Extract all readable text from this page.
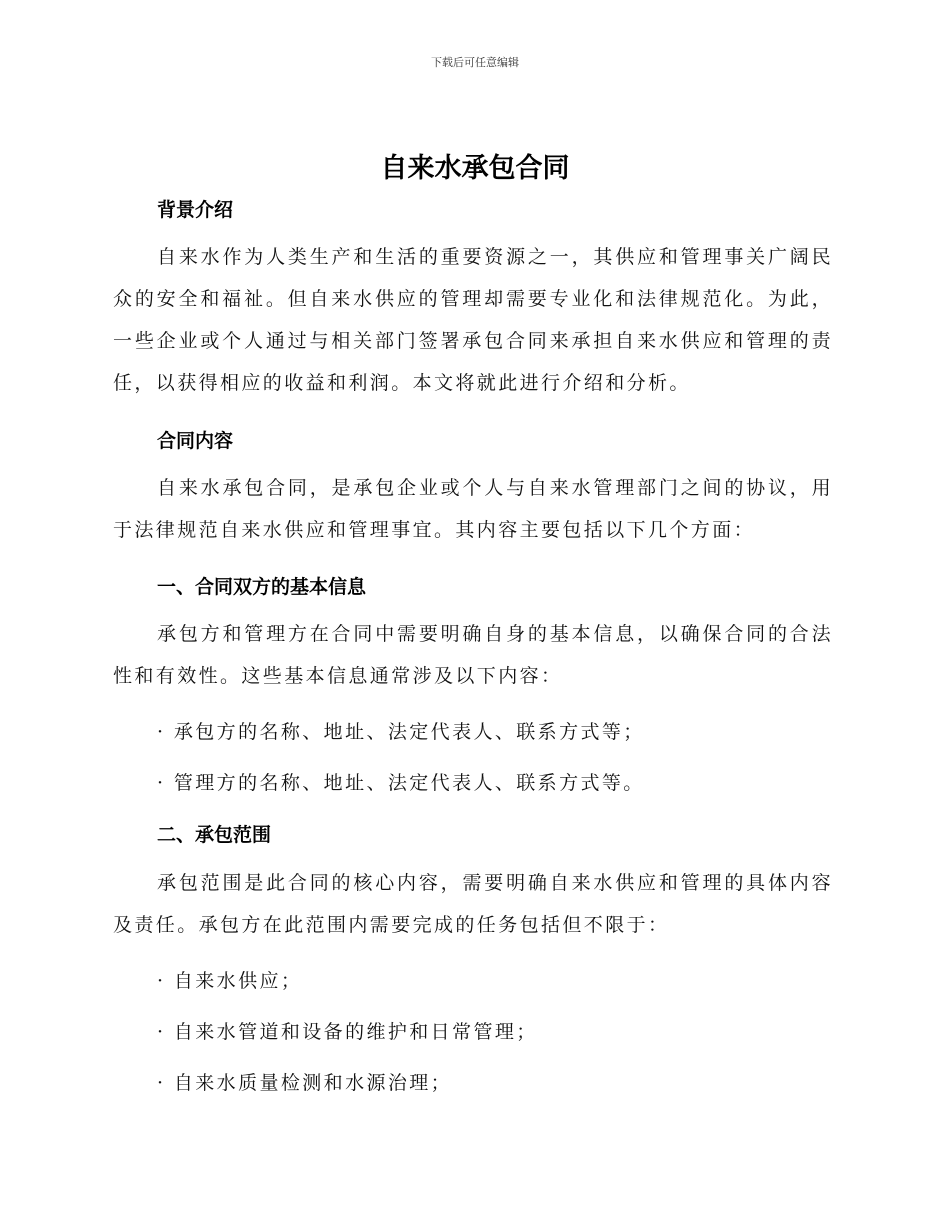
下载后可任意编辑
自来水承包合同
背景介绍
自来水作为人类生产和生活的重要资源之一，其供应和管理事关广阔民众的安全和福祉。但自来水供应的管理却需要专业化和法律规范化。为此，一些企业或个人通过与相关部门签署承包合同来承担自来水供应和管理的责任，以获得相应的收益和利润。本文将就此进行介绍和分析。
合同内容
自来水承包合同，是承包企业或个人与自来水管理部门之间的协议，用于法律规范自来水供应和管理事宜。其内容主要包括以下几个方面：
一、合同双方的基本信息
承包方和管理方在合同中需要明确自身的基本信息，以确保合同的合法性和有效性。这些基本信息通常涉及以下内容：
· 承包方的名称、地址、法定代表人、联系方式等；
· 管理方的名称、地址、法定代表人、联系方式等。
二、承包范围
承包范围是此合同的核心内容，需要明确自来水供应和管理的具体内容及责任。承包方在此范围内需要完成的任务包括但不限于：
· 自来水供应；
· 自来水管道和设备的维护和日常管理；
· 自来水质量检测和水源治理；
